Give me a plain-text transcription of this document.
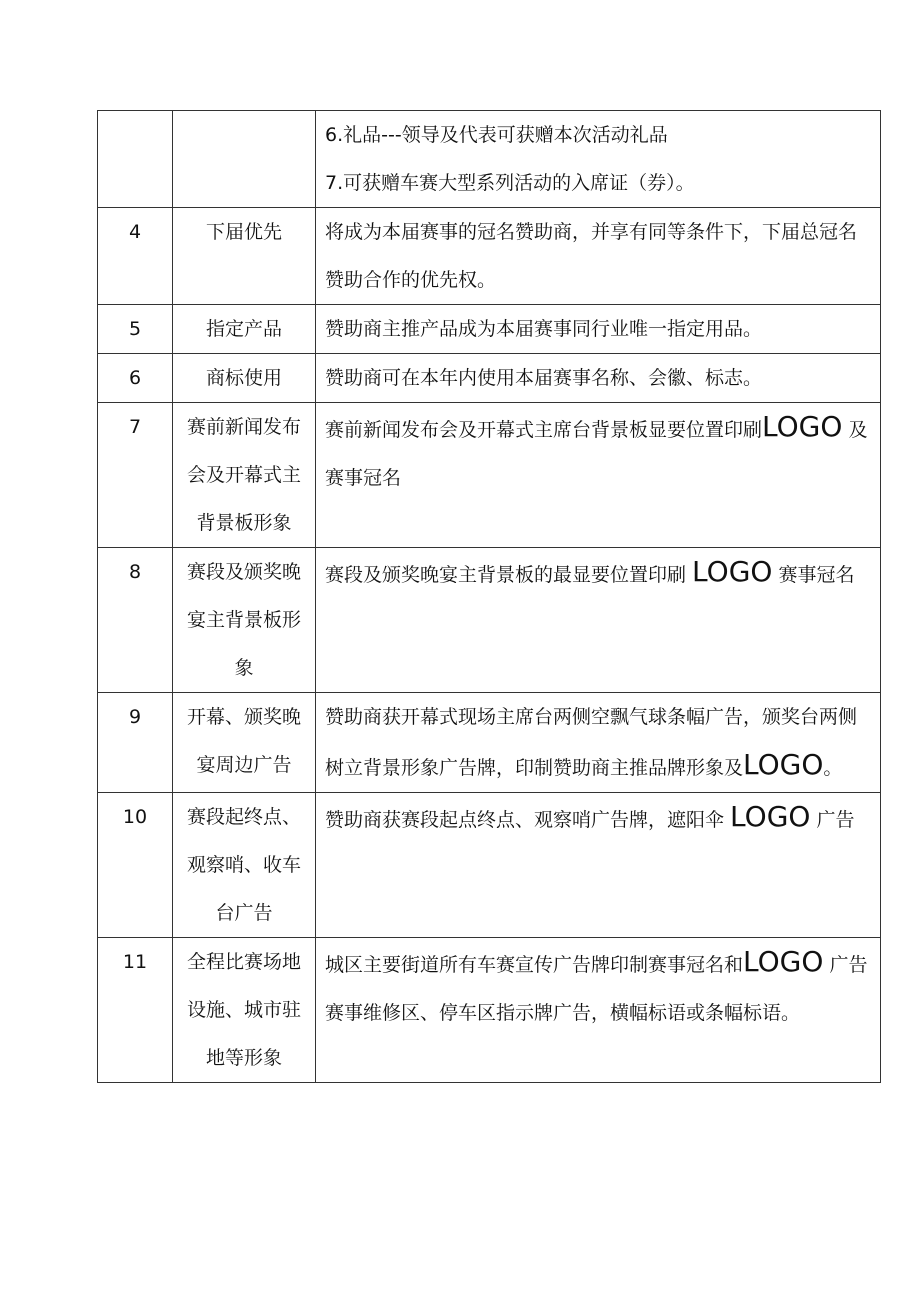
		6.礼品---领导及代表可获赠本次活动礼品
7.可获赠车赛大型系列活动的入席证（券）。

4	下届优先	将成为本届赛事的冠名赞助商，并享有同等条件下，下届总冠名赞助合作的优先权。
5	指定产品	赞助商主推产品成为本届赛事同行业唯一指定用品。
6	商标使用	赞助商可在本年内使用本届赛事名称、会徽、标志。
7	赛前新闻发布会及开幕式主背景板形象	赛前新闻发布会及开幕式主席台背景板显要位置印刷LOGO 及赛事冠名
8	赛段及颁奖晚宴主背景板形象	赛段及颁奖晚宴主背景板的最显要位置印刷 LOGO 赛事冠名
9	开幕、颁奖晚宴周边广告	赞助商获开幕式现场主席台两侧空飘气球条幅广告，颁奖台两侧树立背景形象广告牌，印制赞助商主推品牌形象及LOGO。
10	赛段起终点、观察哨、收车台广告	赞助商获赛段起点终点、观察哨广告牌，遮阳伞 LOGO 广告
11	全程比赛场地设施、城市驻地等形象	城区主要街道所有车赛宣传广告牌印制赛事冠名和LOGO 广告
赛事维修区、停车区指示牌广告，横幅标语或条幅标语。
